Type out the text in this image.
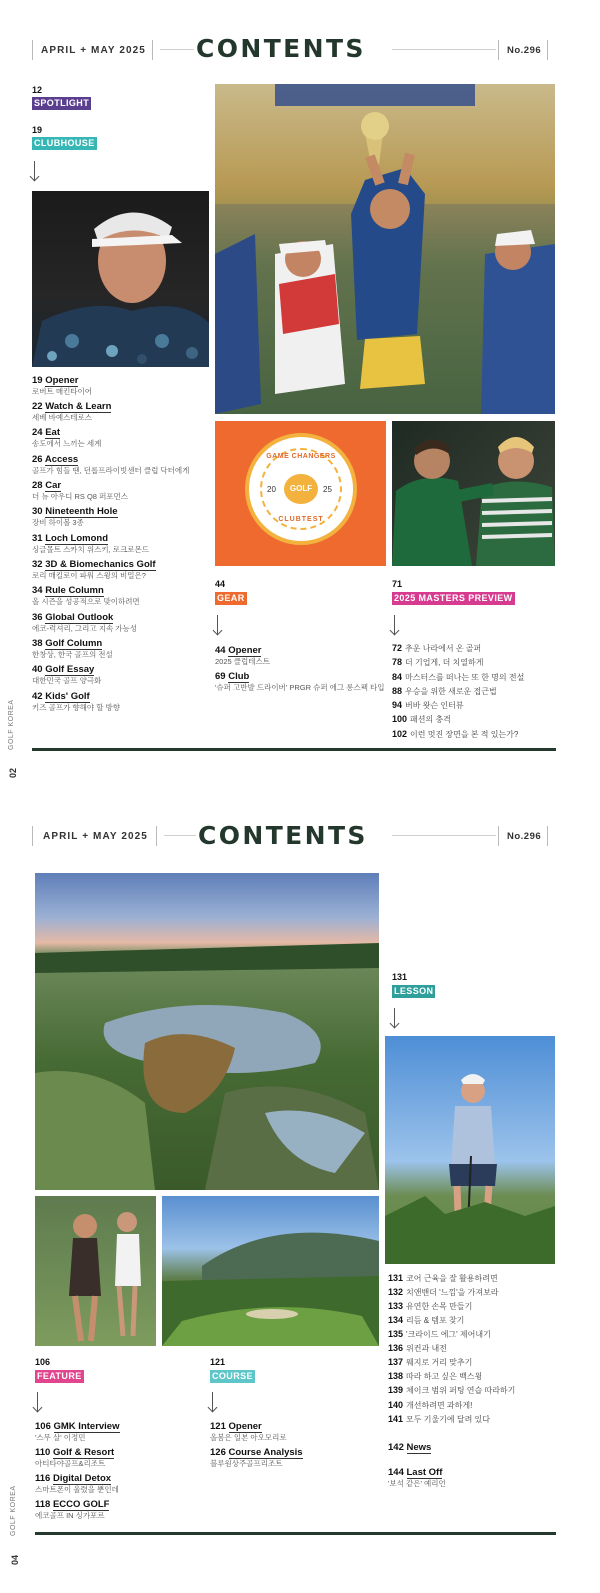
APRIL + MAY 2025 CONTENTS	No.296
12
SPOTLIGHT
19
CLUBHOUSE
19 Opener
로버트 매킨타이어
22 Watch & Learn
세베 바예스테로스
24 Eat
송도에서 느끼는 세계
26 Access
골프가 힘들 땐, 던롭프라이빗센터 클럽 닥터에게
28 Car
더 뉴 아우디 RS Q8 퍼포먼스
30 Nineteenth Hole
장비 하이볼 3종
31 Loch Lomond
싱글몰트 스카치 위스키, 로크로몬드
32 3D & Biomechanics Golf
로리 매킬로이 파워 스윙의 비밀은?
34 Rule Column
올 시즌을 성공적으로 맞이하려면
36 Global Outlook
에코-럭셔리, 그리고 지속 가능성
38 Golf Column
한창상, 한국 골프의 전설
40 Golf Essay
대한민국 골프 양극화
42 Kids' Golf
키즈 골프가 향해야 할 방향
GOLF
GAME CHANGERS
20	25
CLUBTEST
44
GEAR
44 Opener
2025 클럽테스트
69 Club
'슈퍼 고반발 드라이버' PRGR 슈퍼 에그 롱스펙 타입
71
2025 MASTERS PREVIEW
72 추운 나라에서 온 골퍼
78 더 기업게, 더 치열하게
84 마스터스를 떠나는 또 한 명의 전설
88 우승을 위한 새로운 접근법
94 버바 왓슨 인터뷰
100 패션의 충격
102 이런 멋진 장면을 본 적 있는가?
GOLF KOREA
02
APRIL + MAY 2025 CONTENTS	No.296
131
LESSON
131 코어 근육을 잘 활용하려면
132 치앤밴더 '느낌'을 가져보라
133 유연한 손목 만들기
134 리듬 & 템포 찾기
135 '크라이드 에그' 제어내기
136 위컨과 내전
137 웨지로 거리 맞추기
138 따라 하고 싶은 백스윙
139 체이크 범위 퍼팅 연습 따라하기
140 개선하려면 과하게!
141 모두 기울기에 달려 있다
142 News
144 Last Off
'보석 같은' 예리언
106
FEATURE
106 GMK Interview
'스무 살' 이정민
110 Golf & Resort
아티타야골프&리조트
116 Digital Detox
스마트폰이 울렸을 뿐인데
118 ECCO GOLF
에코골프 IN 싱가포르
121
COURSE
121 Opener
올봄은 일본 아오모리로
126 Course Analysis
블루원상주골프리조트
GOLF KOREA
04
